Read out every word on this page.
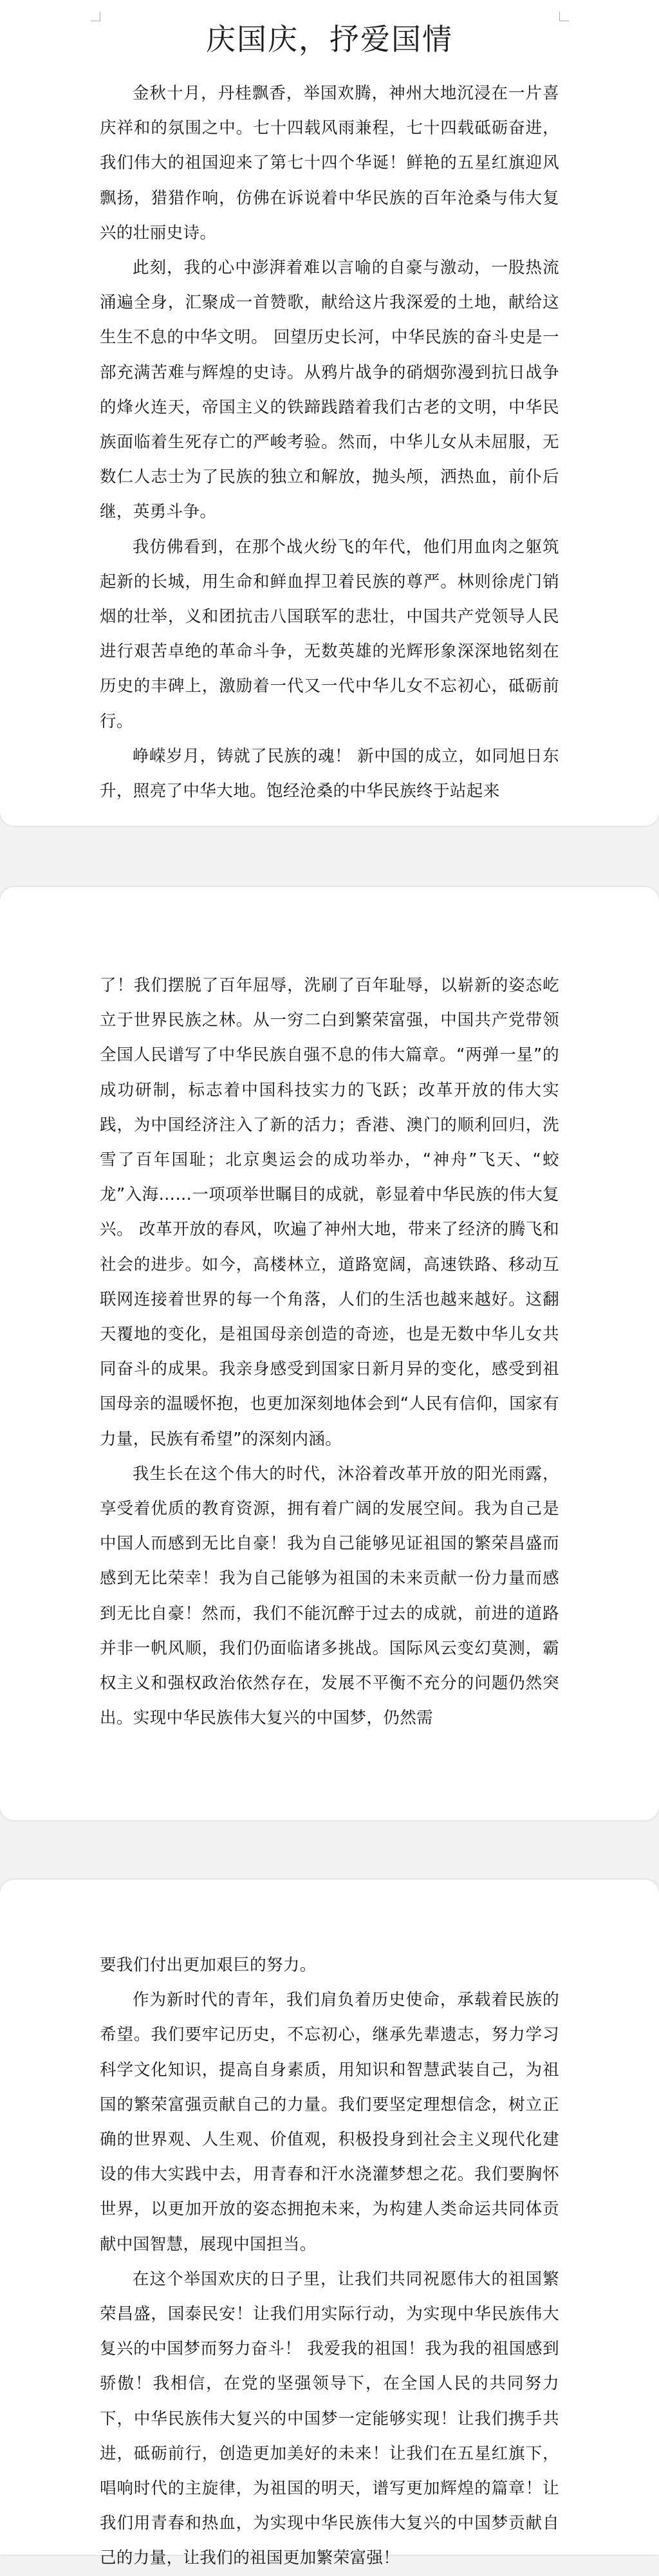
庆国庆，抒爱国情

金秋十月，丹桂飘香，举国欢腾，神州大地沉浸在一片喜庆祥和的氛围之中。七十四载风雨兼程，七十四载砥砺奋进，我们伟大的祖国迎来了第七十四个华诞！鲜艳的五星红旗迎风飘扬，猎猎作响，仿佛在诉说着中华民族的百年沧桑与伟大复兴的壮丽史诗。

此刻，我的心中澎湃着难以言喻的自豪与激动，一股热流涌遍全身，汇聚成一首赞歌，献给这片我深爱的土地，献给这生生不息的中华文明。 回望历史长河，中华民族的奋斗史是一部充满苦难与辉煌的史诗。从鸦片战争的硝烟弥漫到抗日战争的烽火连天，帝国主义的铁蹄践踏着我们古老的文明，中华民族面临着生死存亡的严峻考验。然而，中华儿女从未屈服，无数仁人志士为了民族的独立和解放，抛头颅，洒热血，前仆后继，英勇斗争。

我仿佛看到，在那个战火纷飞的年代，他们用血肉之躯筑起新的长城，用生命和鲜血捍卫着民族的尊严。林则徐虎门销烟的壮举，义和团抗击八国联军的悲壮，中国共产党领导人民进行艰苦卓绝的革命斗争，无数英雄的光辉形象深深地铭刻在历史的丰碑上，激励着一代又一代中华儿女不忘初心，砥砺前行。

峥嵘岁月，铸就了民族的魂！ 新中国的成立，如同旭日东升，照亮了中华大地。饱经沧桑的中华民族终于站起来

了！我们摆脱了百年屈辱，洗刷了百年耻辱，以崭新的姿态屹立于世界民族之林。从一穷二白到繁荣富强，中国共产党带领全国人民谱写了中华民族自强不息的伟大篇章。“两弹一星”的成功研制，标志着中国科技实力的飞跃；改革开放的伟大实践，为中国经济注入了新的活力；香港、澳门的顺利回归，洗雪了百年国耻；北京奥运会的成功举办，“神舟”飞天、“蛟龙”入海……一项项举世瞩目的成就，彰显着中华民族的伟大复兴。 改革开放的春风，吹遍了神州大地，带来了经济的腾飞和社会的进步。如今，高楼林立，道路宽阔，高速铁路、移动互联网连接着世界的每一个角落，人们的生活也越来越好。这翻天覆地的变化，是祖国母亲创造的奇迹，也是无数中华儿女共同奋斗的成果。我亲身感受到国家日新月异的变化，感受到祖国母亲的温暖怀抱，也更加深刻地体会到“人民有信仰，国家有力量，民族有希望”的深刻内涵。

我生长在这个伟大的时代，沐浴着改革开放的阳光雨露，享受着优质的教育资源，拥有着广阔的发展空间。我为自己是中国人而感到无比自豪！我为自己能够见证祖国的繁荣昌盛而感到无比荣幸！我为自己能够为祖国的未来贡献一份力量而感到无比自豪！然而，我们不能沉醉于过去的成就，前进的道路并非一帆风顺，我们仍面临诸多挑战。国际风云变幻莫测，霸权主义和强权政治依然存在，发展不平衡不充分的问题仍然突出。实现中华民族伟大复兴的中国梦，仍然需

要我们付出更加艰巨的努力。

作为新时代的青年，我们肩负着历史使命，承载着民族的希望。我们要牢记历史，不忘初心，继承先辈遗志，努力学习科学文化知识，提高自身素质，用知识和智慧武装自己，为祖国的繁荣富强贡献自己的力量。我们要坚定理想信念，树立正确的世界观、人生观、价值观，积极投身到社会主义现代化建设的伟大实践中去，用青春和汗水浇灌梦想之花。我们要胸怀世界，以更加开放的姿态拥抱未来，为构建人类命运共同体贡献中国智慧，展现中国担当。

在这个举国欢庆的日子里，让我们共同祝愿伟大的祖国繁荣昌盛，国泰民安！让我们用实际行动，为实现中华民族伟大复兴的中国梦而努力奋斗！ 我爱我的祖国！我为我的祖国感到骄傲！我相信，在党的坚强领导下，在全国人民的共同努力下，中华民族伟大复兴的中国梦一定能够实现！让我们携手共进，砥砺前行，创造更加美好的未来！让我们在五星红旗下，唱响时代的主旋律，为祖国的明天，谱写更加辉煌的篇章！让我们用青春和热血，为实现中华民族伟大复兴的中国梦贡献自己的力量，让我们的祖国更加繁荣富强！
